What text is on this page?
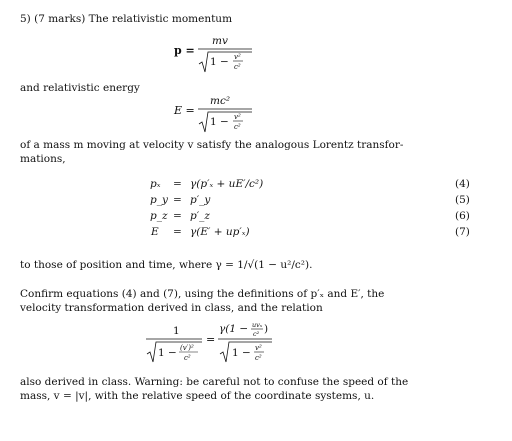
5) (7 marks) The relativistic momentum
p =
mv
1 − v²
c²
and relativistic energy
E =
mc²
1 − v²
c²
of a mass m moving at velocity v satisfy the analogous Lorentz transfor-
mations,
pₓ = γ(p′ₓ + uE′/c²)	(4)
p_y = p′_y	(5)
p_z = p′_z	(6)
E = γ(E′ + up′ₓ)	(7)
to those of position and time, where γ = 1/√(1 − u²/c²).
Confirm equations (4) and (7), using the definitions of p′ₓ and E′, the
velocity transformation derived in class, and the relation
1
1 − (v′)²
c²
=
γ(1 − uvₓ
c² )
1 − v²
c²
also derived in class. Warning: be careful not to confuse the speed of the
mass, v = |v|, with the relative speed of the coordinate systems, u.
